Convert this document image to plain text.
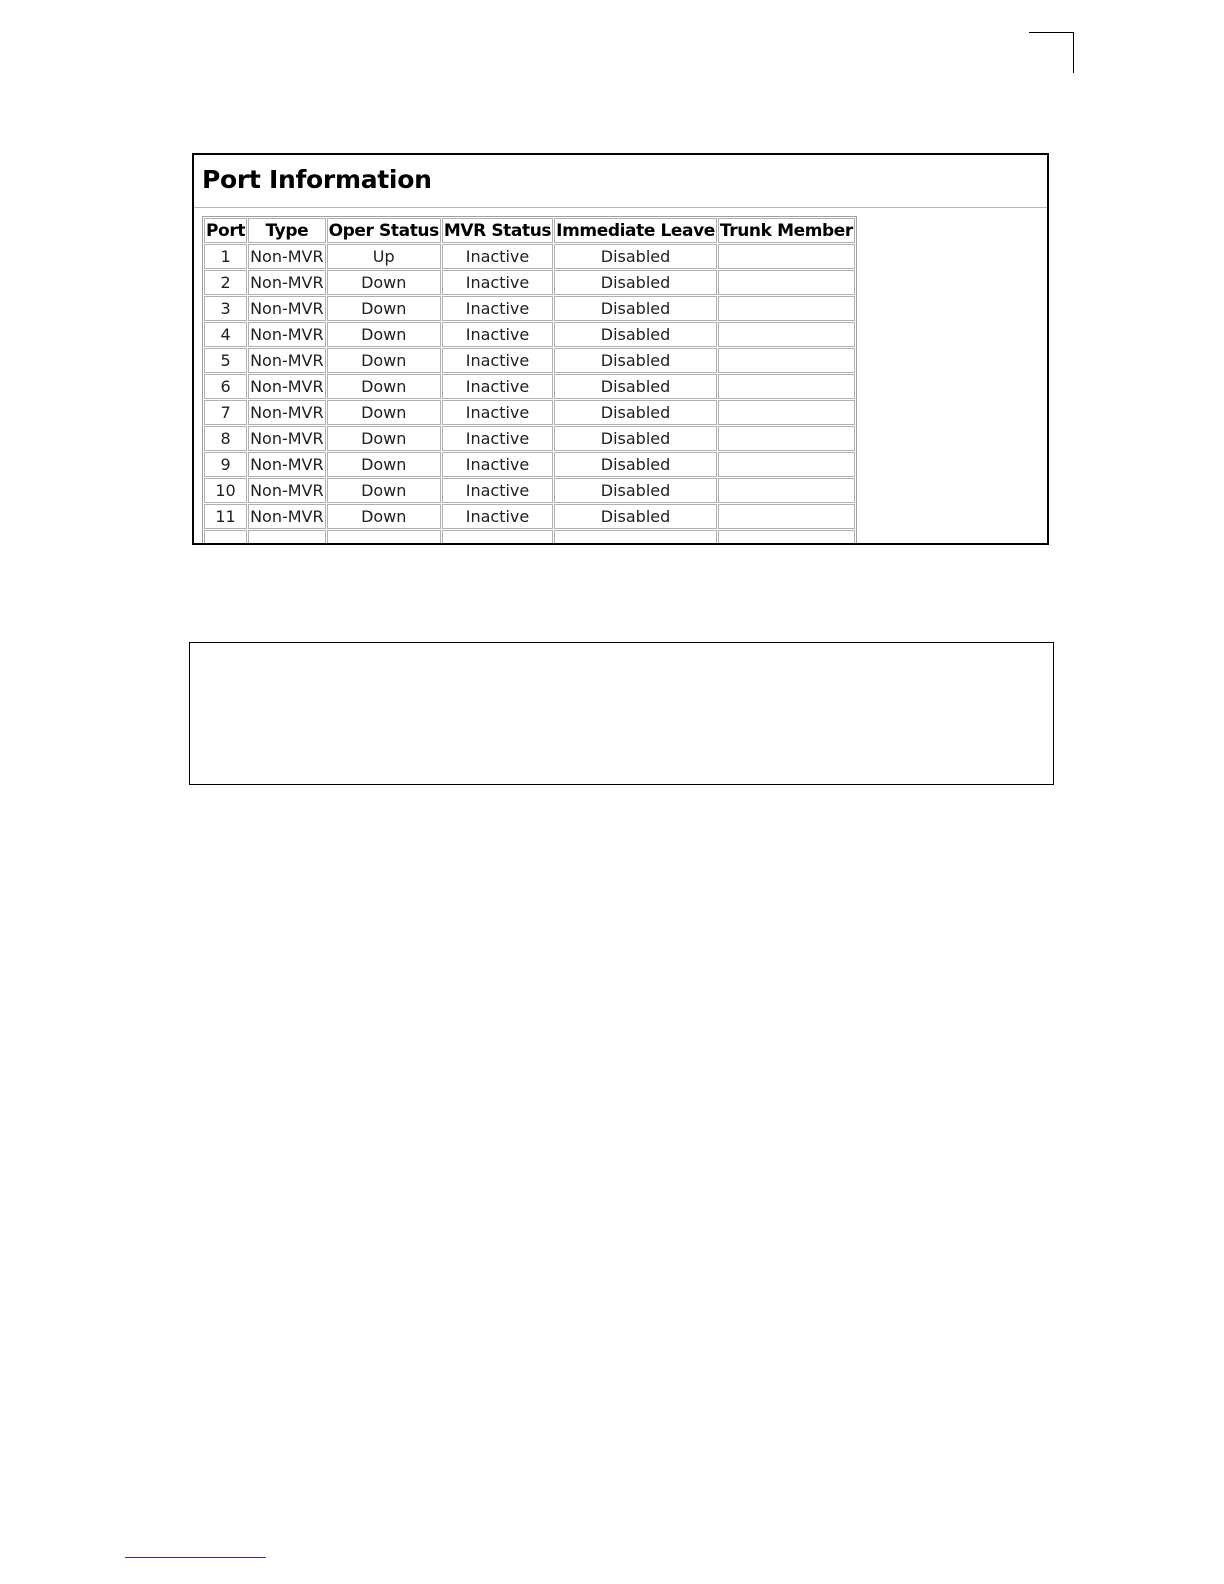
Port Information
Port	Type	Oper Status	MVR Status	Immediate Leave	Trunk Member
1	Non-MVR	Up	Inactive	Disabled	
2	Non-MVR	Down	Inactive	Disabled	
3	Non-MVR	Down	Inactive	Disabled	
4	Non-MVR	Down	Inactive	Disabled	
5	Non-MVR	Down	Inactive	Disabled	
6	Non-MVR	Down	Inactive	Disabled	
7	Non-MVR	Down	Inactive	Disabled	
8	Non-MVR	Down	Inactive	Disabled	
9	Non-MVR	Down	Inactive	Disabled	
10	Non-MVR	Down	Inactive	Disabled	
11	Non-MVR	Down	Inactive	Disabled	
